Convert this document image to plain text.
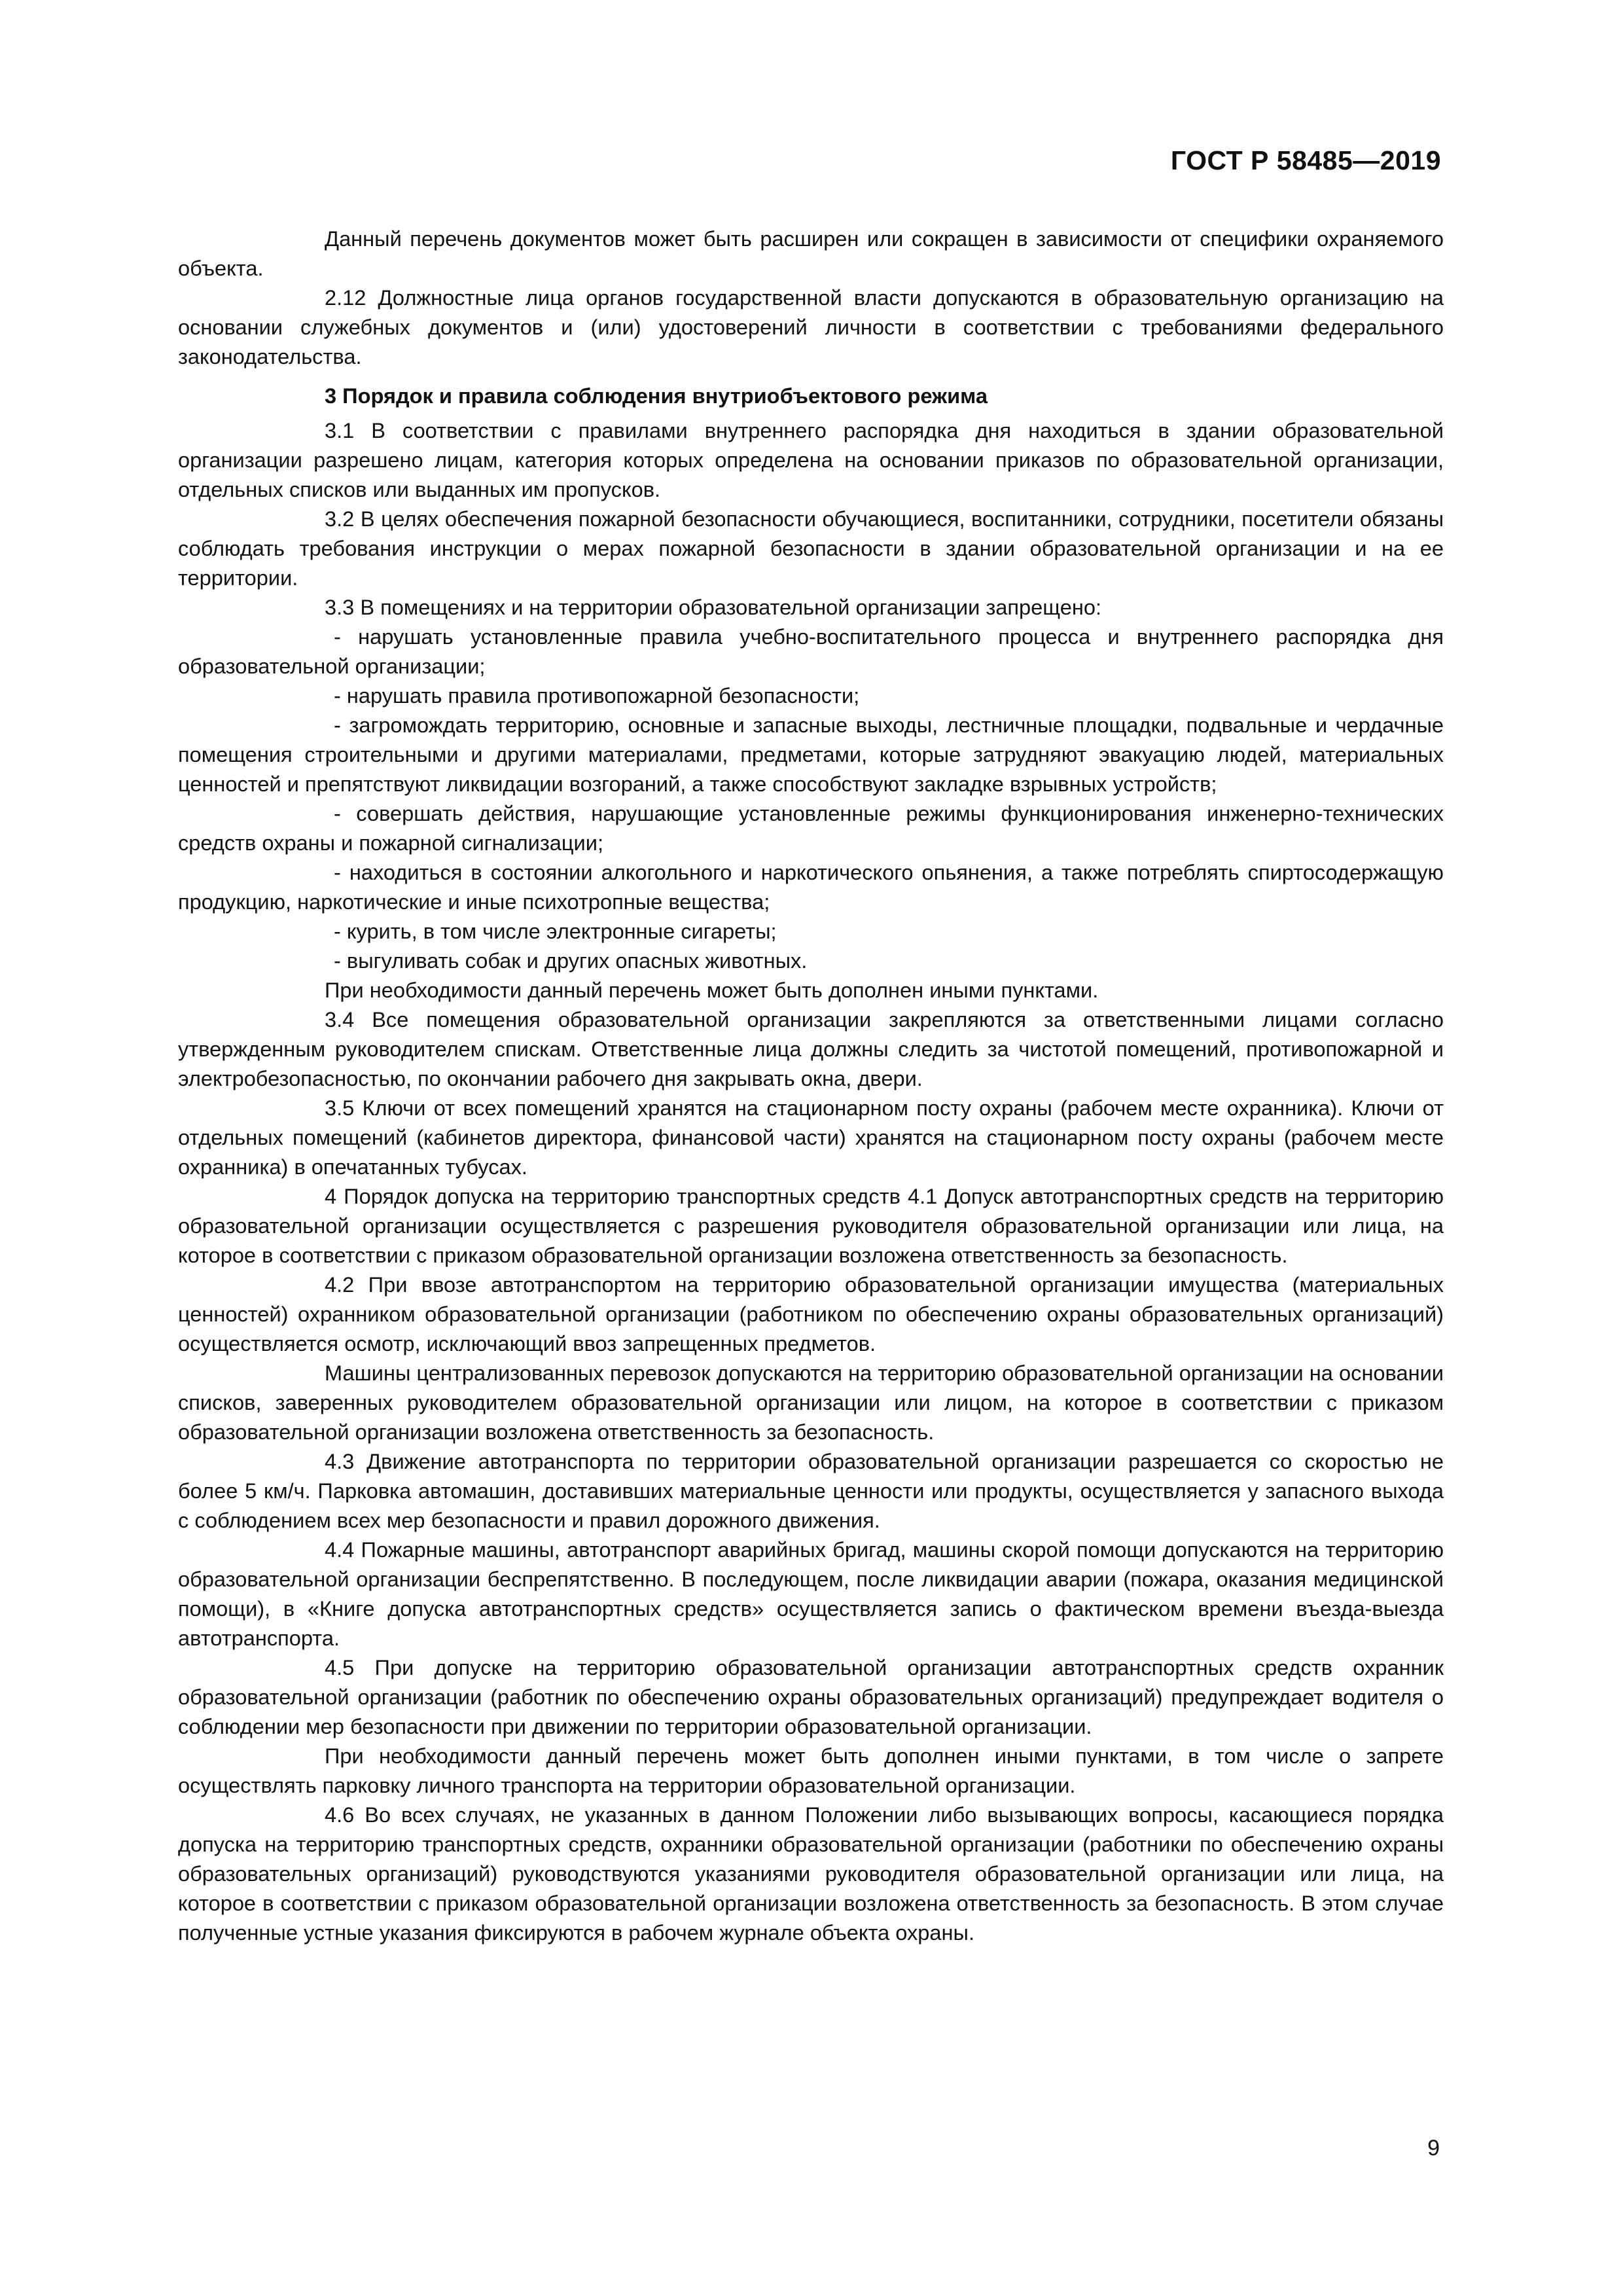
ГОСТ Р 58485—2019

Данный перечень документов может быть расширен или сокращен в зависимости от специфики охраняемого объекта.

2.12 Должностные лица органов государственной власти допускаются в образовательную организацию на основании служебных документов и (или) удостоверений личности в соответствии с требованиями федерального законодательства.

3 Порядок и правила соблюдения внутриобъектового режима

3.1 В соответствии с правилами внутреннего распорядка дня находиться в здании образовательной организации разрешено лицам, категория которых определена на основании приказов по образовательной организации, отдельных списков или выданных им пропусков.

3.2 В целях обеспечения пожарной безопасности обучающиеся, воспитанники, сотрудники, посетители обязаны соблюдать требования инструкции о мерах пожарной безопасности в здании образовательной организации и на ее территории.

3.3 В помещениях и на территории образовательной организации запрещено:

- нарушать установленные правила учебно-воспитательного процесса и внутреннего распорядка дня образовательной организации;
- нарушать правила противопожарной безопасности;
- загромождать территорию, основные и запасные выходы, лестничные площадки, подвальные и чердачные помещения строительными и другими материалами, предметами, которые затрудняют эвакуацию людей, материальных ценностей и препятствуют ликвидации возгораний, а также способствуют закладке взрывных устройств;
- совершать действия, нарушающие установленные режимы функционирования инженерно-технических средств охраны и пожарной сигнализации;
- находиться в состоянии алкогольного и наркотического опьянения, а также потреблять спиртосодержащую продукцию, наркотические и иные психотропные вещества;
- курить, в том числе электронные сигареты;
- выгуливать собак и других опасных животных.

При необходимости данный перечень может быть дополнен иными пунктами.

3.4 Все помещения образовательной организации закрепляются за ответственными лицами согласно утвержденным руководителем спискам. Ответственные лица должны следить за чистотой помещений, противопожарной и электробезопасностью, по окончании рабочего дня закрывать окна, двери.

3.5 Ключи от всех помещений хранятся на стационарном посту охраны (рабочем месте охранника). Ключи от отдельных помещений (кабинетов директора, финансовой части) хранятся на стационарном посту охраны (рабочем месте охранника) в опечатанных тубусах.

4 Порядок допуска на территорию транспортных средств 4.1 Допуск автотранспортных средств на территорию образовательной организации осуществляется с разрешения руководителя образовательной организации или лица, на которое в соответствии с приказом образовательной организации возложена ответственность за безопасность.

4.2 При ввозе автотранспортом на территорию образовательной организации имущества (материальных ценностей) охранником образовательной организации (работником по обеспечению охраны образовательных организаций) осуществляется осмотр, исключающий ввоз запрещенных предметов.

Машины централизованных перевозок допускаются на территорию образовательной организации на основании списков, заверенных руководителем образовательной организации или лицом, на которое в соответствии с приказом образовательной организации возложена ответственность за безопасность.

4.3 Движение автотранспорта по территории образовательной организации разрешается со скоростью не более 5 км/ч. Парковка автомашин, доставивших материальные ценности или продукты, осуществляется у запасного выхода с соблюдением всех мер безопасности и правил дорожного движения.

4.4 Пожарные машины, автотранспорт аварийных бригад, машины скорой помощи допускаются на территорию образовательной организации беспрепятственно. В последующем, после ликвидации аварии (пожара, оказания медицинской помощи), в «Книге допуска автотранспортных средств» осуществляется запись о фактическом времени въезда-выезда автотранспорта.

4.5 При допуске на территорию образовательной организации автотранспортных средств охранник образовательной организации (работник по обеспечению охраны образовательных организаций) предупреждает водителя о соблюдении мер безопасности при движении по территории образовательной организации.

При необходимости данный перечень может быть дополнен иными пунктами, в том числе о запрете осуществлять парковку личного транспорта на территории образовательной организации.

4.6 Во всех случаях, не указанных в данном Положении либо вызывающих вопросы, касающиеся порядка допуска на территорию транспортных средств, охранники образовательной организации (работники по обеспечению охраны образовательных организаций) руководствуются указаниями руководителя образовательной организации или лица, на которое в соответствии с приказом образовательной организации возложена ответственность за безопасность. В этом случае полученные устные указания фиксируются в рабочем журнале объекта охраны.

9
